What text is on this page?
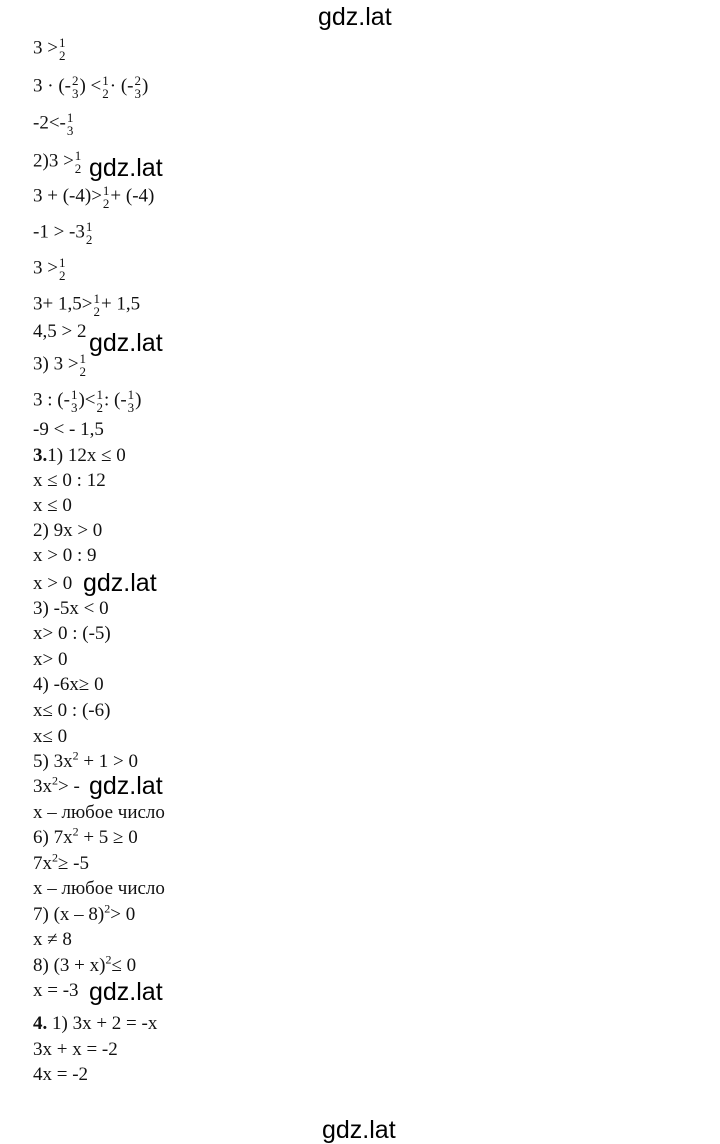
gdz.lat
gdz.lat
gdz.lat
gdz.lat
gdz.lat
gdz.lat
gdz.lat
3 > 1
2
3 · (- 2
3 ) < 1
2 · (- 2
3 )
-2<- 1
3
2)3 > 1
2
3 + (-4)> 1
2 + (-4)
-1 > -3 1
2
3 > 1
2
3+ 1,5> 1
2 + 1,5
4,5 > 2
3) 3 > 1
2
3 : (- 1
3 )< 1
2 : (- 1
3 )
-9 < - 1,5
3.1) 12x ≤ 0
x ≤ 0 : 12
x ≤ 0
2) 9x > 0
x > 0 : 9
x > 0
3) -5x < 0
x> 0 : (-5)
x> 0
4) -6x≥ 0
x≤ 0 : (-6)
x≤ 0
5) $3x^2 + 1 > 0$
$3x^2>$ -
x – любое число
6) $7x^2 + 5 \ge 0$
$7x^2\ge -5$
x – любое число
7) (x – 8)$^2$> 0
x ≠ 8
8) $(3 + x)^2\le 0$
x = -3
4. 1) 3x + 2 = -x
3x + x = -2
4x = -2
